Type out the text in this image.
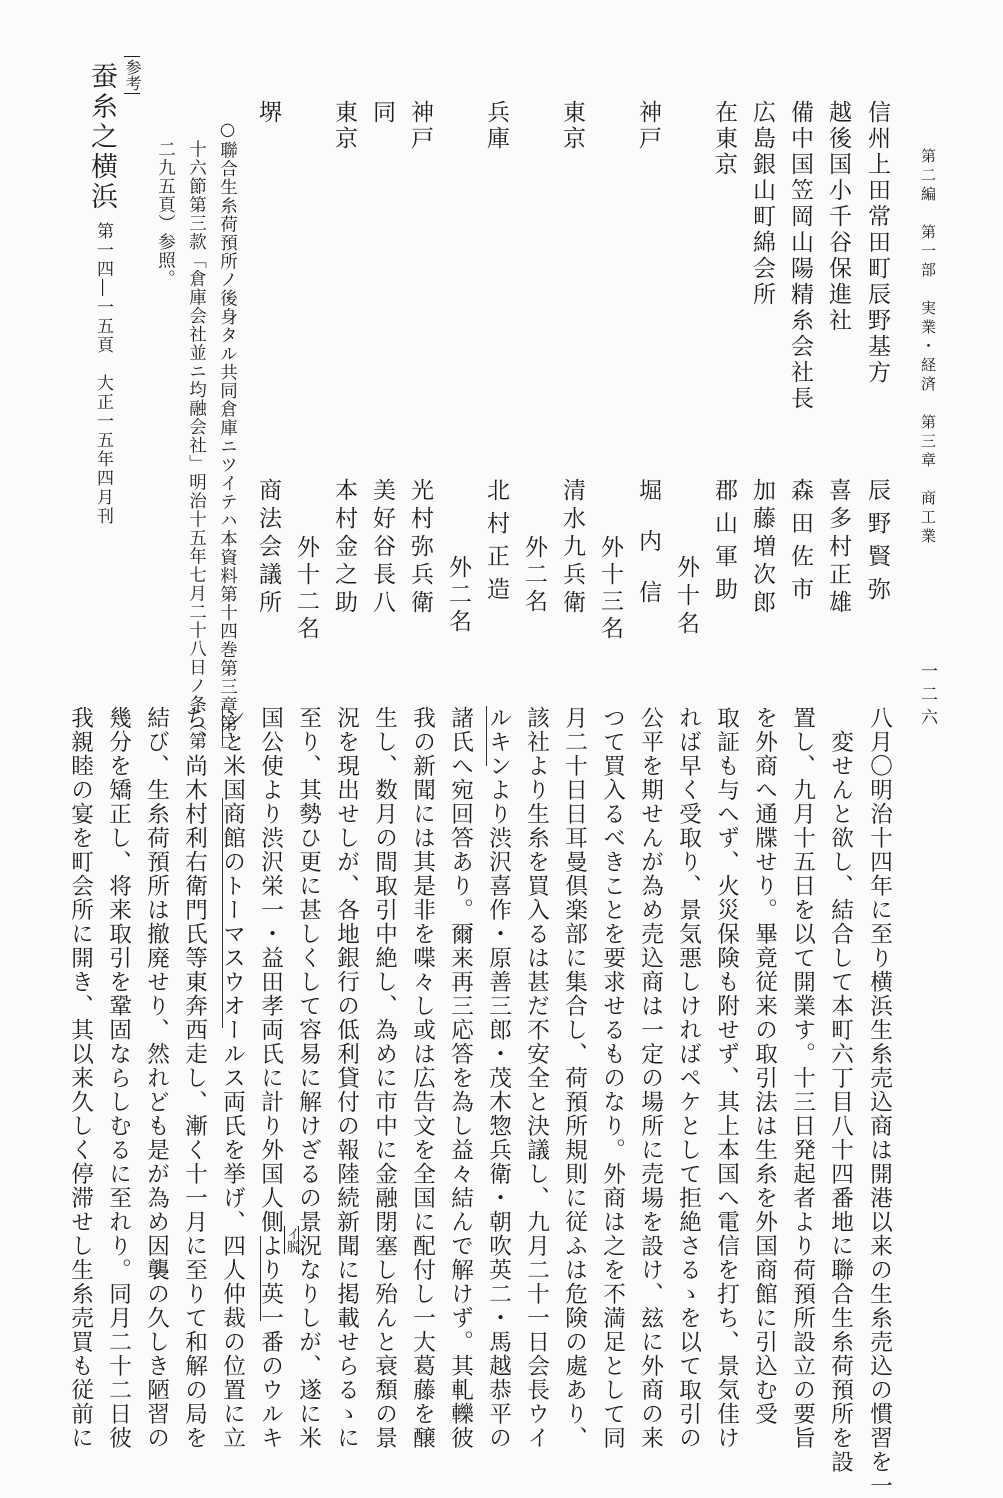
第二編　第一部　実業・経済　第三章　商工業
一二六
信州上田常田町辰野基方
越後国小千谷保進社
備中国笠岡山陽精糸会社長
広島銀山町綿会所
在東京
神戸
東京
兵庫
神戸
同
東京
堺
辰野賢弥
喜多村正雄
森田佐市
加藤増次郎
郡山軍助
外十名
堀内信
外十三名
清水九兵衛
外二名
北村正造
外二名
光村弥兵衛
美好谷長八
本村金之助
外十二名
商法会議所
○聯合生糸荷預所ノ後身タル共同倉庫ニツイテハ本資料第十四巻第三章第二
十六節第三款「倉庫会社並ニ均融会社」明治十五年七月二十八日ノ条（第
二九五頁）参照。
参考
蚕糸之横浜
第一四―一五頁　大正一五年四月刊
八月〇明治十四年に至り横浜生糸売込商は開港以来の生糸売込の慣習を一
変せんと欲し、結合して本町六丁目八十四番地に聯合生糸荷預所を設
置し、九月十五日を以て開業す。十三日発起者より荷預所設立の要旨
を外商へ通牒せり。畢竟従来の取引法は生糸を外国商館に引込む受
取証も与へず、火災保険も附せず、其上本国へ電信を打ち、景気佳け
れば早く受取り、景気悪しければペケとして拒絶さるゝを以て取引の
公平を期せんが為め売込商は一定の場所に売場を設け、玆に外商の来
つて買入るべきことを要求せるものなり。外商は之を不満足として同
月二十日日耳曼倶楽部に集合し、荷預所規則に従ふは危険の處あり、
該社より生糸を買入るは甚だ不安全と決議し、九月二十一日会長ウイ
ルキンより渋沢喜作・原善三郎・茂木惣兵衛・朝吹英二・馬越恭平の
諸氏へ宛回答あり。爾来再三応答を為し益々結んで解けず。其軋轢彼
我の新聞には其是非を喋々し或は広告文を全国に配付し一大葛藤を醸
生し、数月の間取引中絶し、為めに市中に金融閉塞し殆んと衰頽の景
況を現出せしが、各地銀行の低利貸付の報陸続新聞に掲載せらるゝに
至り、其勢ひ更に甚しくして容易に解けざるの景況なりしが、遂に米
国公使より渋沢栄一・益田孝両氏に計り外国人側より英一番のウルキ
ンと米国商館のトーマスウオールス両氏を挙げ、四人仲裁の位置に立
ち、尚木村利右衛門氏等東奔西走し、漸く十一月に至りて和解の局を
結び、生糸荷預所は撤廃せり、然れども是が為め因襲の久しき陋習の
幾分を矯正し、将来取引を鞏固ならしむるに至れり。同月二十二日彼
我親睦の宴を町会所に開き、其以来久しく停滞せし生糸売買も従前に	イ脱
